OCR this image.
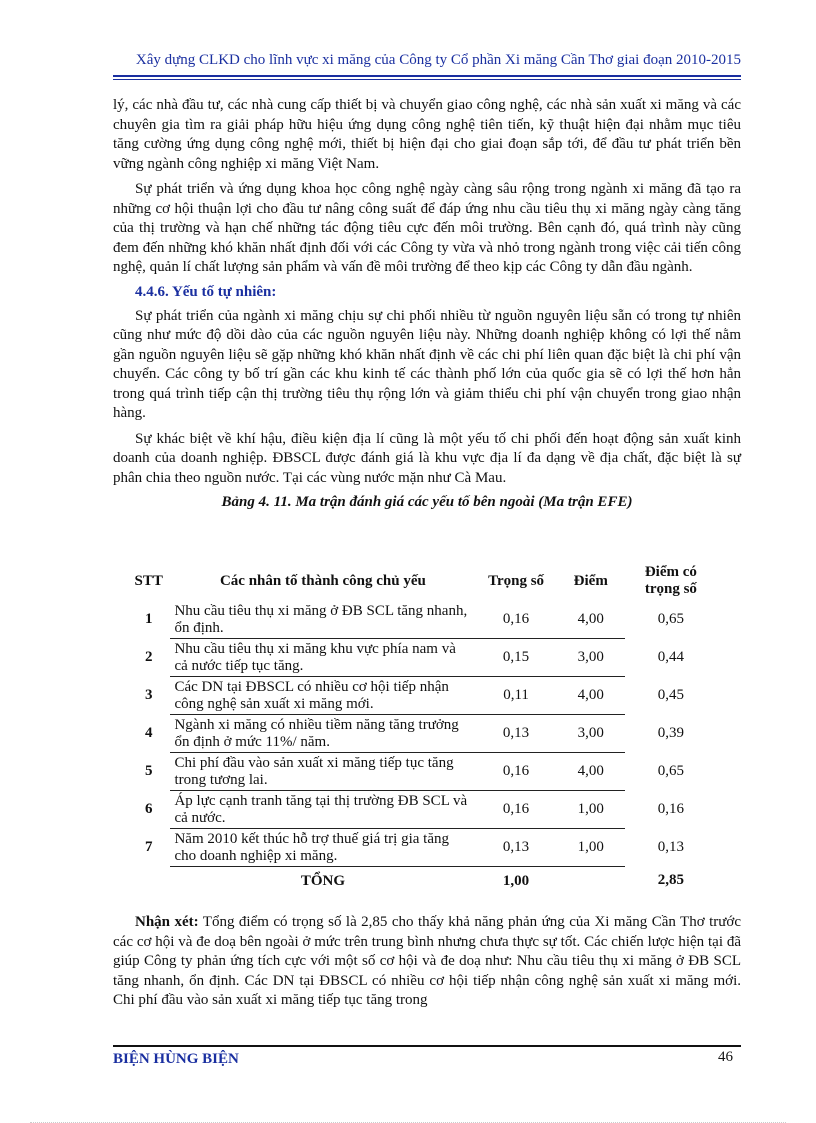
Xây dựng CLKD cho lĩnh vực xi măng của Công ty Cổ phần Xi măng Cần Thơ giai đoạn 2010-2015

lý, các nhà đầu tư, các nhà cung cấp thiết bị và chuyển giao công nghệ, các nhà sản xuất xi măng và các chuyên gia tìm ra giải pháp hữu hiệu ứng dụng công nghệ tiên tiến, kỹ thuật hiện đại nhằm mục tiêu tăng cường ứng dụng công nghệ mới, thiết bị hiện đại cho giai đoạn sắp tới, để đầu tư phát triển bền vững ngành công nghiệp xi măng Việt Nam.

Sự phát triển và ứng dụng khoa học công nghệ ngày càng sâu rộng trong ngành xi măng đã tạo ra những cơ hội thuận lợi cho đầu tư nâng công suất để đáp ứng nhu cầu tiêu thụ xi măng ngày càng tăng của thị trường và hạn chế những tác động tiêu cực đến môi trường. Bên cạnh đó, quá trình này cũng đem đến những khó khăn nhất định đối với các Công ty vừa và nhỏ trong ngành trong việc cải tiến công nghệ, quản lí chất lượng sản phẩm và vấn đề môi trường để theo kịp các Công ty dẫn đầu ngành.

4.4.6. Yếu tố tự nhiên:

Sự phát triển của ngành xi măng chịu sự chi phối nhiều từ nguồn nguyên liệu sẵn có trong tự nhiên cũng như mức độ dồi dào của các nguồn nguyên liệu này. Những doanh nghiệp không có lợi thế nằm gần nguồn nguyên liệu sẽ gặp những khó khăn nhất định về các chi phí liên quan đặc biệt là chi phí vận chuyển. Các công ty bố trí gần các khu kinh tế các thành phố lớn của quốc gia sẽ có lợi thế hơn hẳn trong quá trình tiếp cận thị trường tiêu thụ rộng lớn và giảm thiểu chi phí vận chuyển trong giao nhận hàng.

Sự khác biệt về khí hậu, điều kiện địa lí cũng là một yếu tố chi phối đến hoạt động sản xuất kinh doanh của doanh nghiệp. ĐBSCL được đánh giá là khu vực địa lí đa dạng về địa chất, đặc biệt là sự phân chia theo nguồn nước. Tại các vùng nước mặn như Cà Mau.

Bảng 4. 11. Ma trận đánh giá các yếu tố bên ngoài (Ma trận EFE)
STT	Các nhân tố thành công chủ yếu	Trọng số	Điểm	Điểm có trọng số
1	Nhu cầu tiêu thụ xi măng ở ĐB SCL tăng nhanh, ổn định.	0,16	4,00	0,65
2	Nhu cầu tiêu thụ xi măng khu vực phía nam và cả nước tiếp tục tăng.	0,15	3,00	0,44
3	Các DN tại ĐBSCL có nhiều cơ hội tiếp nhận công nghệ sản xuất xi măng mới.	0,11	4,00	0,45
4	Ngành xi măng có nhiều tiềm năng tăng trưởng ổn định ở mức 11%/ năm.	0,13	3,00	0,39
5	Chi phí đầu vào sản xuất xi măng tiếp tục tăng trong tương lai.	0,16	4,00	0,65
6	Áp lực cạnh tranh tăng tại thị trường ĐB SCL và cả nước.	0,16	1,00	0,16
7	Năm 2010 kết thúc hỗ trợ thuế giá trị gia tăng cho doanh nghiệp xi măng.	0,13	1,00	0,13
	TỔNG	1,00		2,85

Nhận xét: Tổng điểm có trọng số là 2,85 cho thấy khả năng phản ứng của Xi măng Cần Thơ trước các cơ hội và đe doạ bên ngoài ở mức trên trung bình nhưng chưa thực sự tốt. Các chiến lược hiện tại đã giúp Công ty phản ứng tích cực với một số cơ hội và đe doạ như: Nhu cầu tiêu thụ xi măng ở ĐB SCL tăng nhanh, ổn định. Các DN tại ĐBSCL có nhiều cơ hội tiếp nhận công nghệ sản xuất xi măng mới. Chi phí đầu vào sản xuất xi măng tiếp tục tăng trong

BIỆN HÙNG BIỆN	46
